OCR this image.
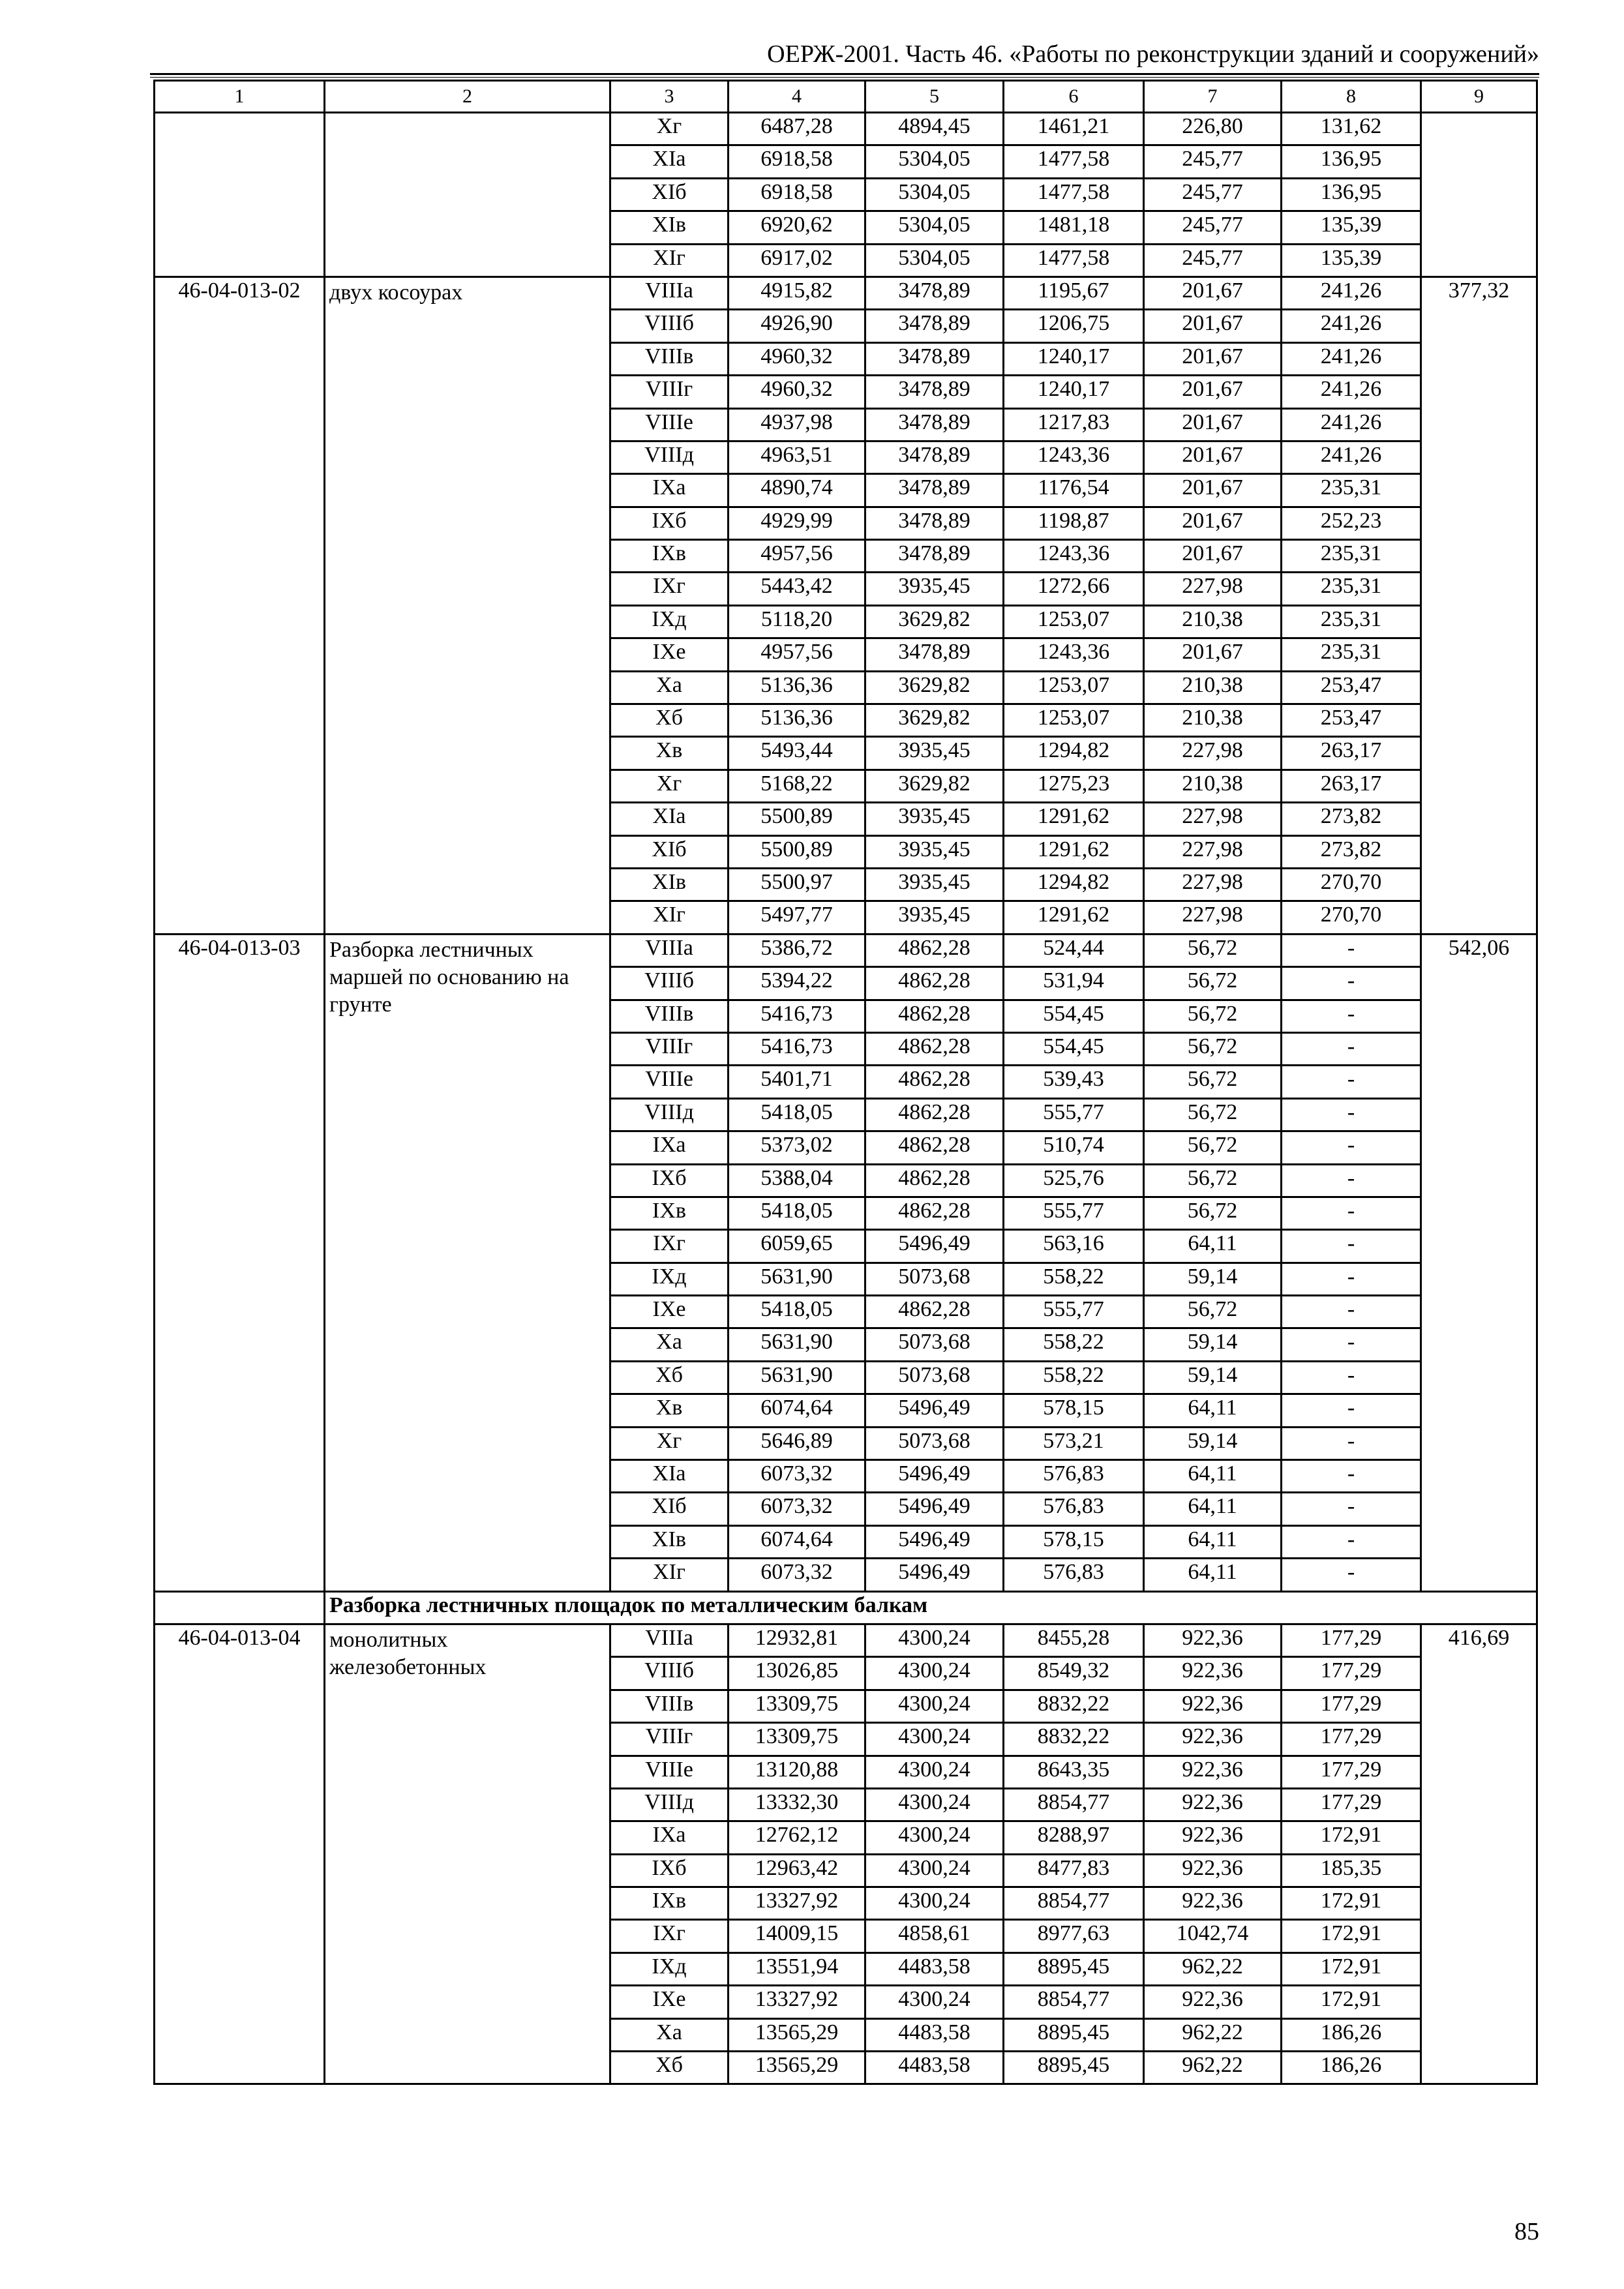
ОЕРЖ-2001. Часть 46. «Работы по реконструкции зданий и сооружений»
1	2	3	4	5	6	7	8	9
		Xг	6487,28	4894,45	1461,21	226,80	131,62	
		XIа	6918,58	5304,05	1477,58	245,77	136,95	
		XIб	6918,58	5304,05	1477,58	245,77	136,95	
		XIв	6920,62	5304,05	1481,18	245,77	135,39	
		XIг	6917,02	5304,05	1477,58	245,77	135,39	
46-04-013-02	двух косоурах	VIIIа	4915,82	3478,89	1195,67	201,67	241,26	377,32
		VIIIб	4926,90	3478,89	1206,75	201,67	241,26	
		VIIIв	4960,32	3478,89	1240,17	201,67	241,26	
		VIIIг	4960,32	3478,89	1240,17	201,67	241,26	
		VIIIе	4937,98	3478,89	1217,83	201,67	241,26	
		VIIIд	4963,51	3478,89	1243,36	201,67	241,26	
		IXа	4890,74	3478,89	1176,54	201,67	235,31	
		IXб	4929,99	3478,89	1198,87	201,67	252,23	
		IXв	4957,56	3478,89	1243,36	201,67	235,31	
		IXг	5443,42	3935,45	1272,66	227,98	235,31	
		IXд	5118,20	3629,82	1253,07	210,38	235,31	
		IXе	4957,56	3478,89	1243,36	201,67	235,31	
		Xа	5136,36	3629,82	1253,07	210,38	253,47	
		Xб	5136,36	3629,82	1253,07	210,38	253,47	
		Xв	5493,44	3935,45	1294,82	227,98	263,17	
		Xг	5168,22	3629,82	1275,23	210,38	263,17	
		XIа	5500,89	3935,45	1291,62	227,98	273,82	
		XIб	5500,89	3935,45	1291,62	227,98	273,82	
		XIв	5500,97	3935,45	1294,82	227,98	270,70	
		XIг	5497,77	3935,45	1291,62	227,98	270,70	
46-04-013-03	Разборка лестничных маршей по основанию на грунте	VIIIа	5386,72	4862,28	524,44	56,72	-	542,06
		VIIIб	5394,22	4862,28	531,94	56,72	-	
		VIIIв	5416,73	4862,28	554,45	56,72	-	
		VIIIг	5416,73	4862,28	554,45	56,72	-	
		VIIIе	5401,71	4862,28	539,43	56,72	-	
		VIIIд	5418,05	4862,28	555,77	56,72	-	
		IXа	5373,02	4862,28	510,74	56,72	-	
		IXб	5388,04	4862,28	525,76	56,72	-	
		IXв	5418,05	4862,28	555,77	56,72	-	
		IXг	6059,65	5496,49	563,16	64,11	-	
		IXд	5631,90	5073,68	558,22	59,14	-	
		IXе	5418,05	4862,28	555,77	56,72	-	
		Xа	5631,90	5073,68	558,22	59,14	-	
		Xб	5631,90	5073,68	558,22	59,14	-	
		Xв	6074,64	5496,49	578,15	64,11	-	
		Xг	5646,89	5073,68	573,21	59,14	-	
		XIа	6073,32	5496,49	576,83	64,11	-	
		XIб	6073,32	5496,49	576,83	64,11	-	
		XIв	6074,64	5496,49	578,15	64,11	-	
		XIг	6073,32	5496,49	576,83	64,11	-	
	Разборка лестничных площадок по металлическим балкам							
46-04-013-04	монолитных железобетонных	VIIIа	12932,81	4300,24	8455,28	922,36	177,29	416,69
		VIIIб	13026,85	4300,24	8549,32	922,36	177,29	
		VIIIв	13309,75	4300,24	8832,22	922,36	177,29	
		VIIIг	13309,75	4300,24	8832,22	922,36	177,29	
		VIIIе	13120,88	4300,24	8643,35	922,36	177,29	
		VIIIд	13332,30	4300,24	8854,77	922,36	177,29	
		IXа	12762,12	4300,24	8288,97	922,36	172,91	
		IXб	12963,42	4300,24	8477,83	922,36	185,35	
		IXв	13327,92	4300,24	8854,77	922,36	172,91	
		IXг	14009,15	4858,61	8977,63	1042,74	172,91	
		IXд	13551,94	4483,58	8895,45	962,22	172,91	
		IXе	13327,92	4300,24	8854,77	922,36	172,91	
		Xа	13565,29	4483,58	8895,45	962,22	186,26	
		Xб	13565,29	4483,58	8895,45	962,22	186,26	
85
